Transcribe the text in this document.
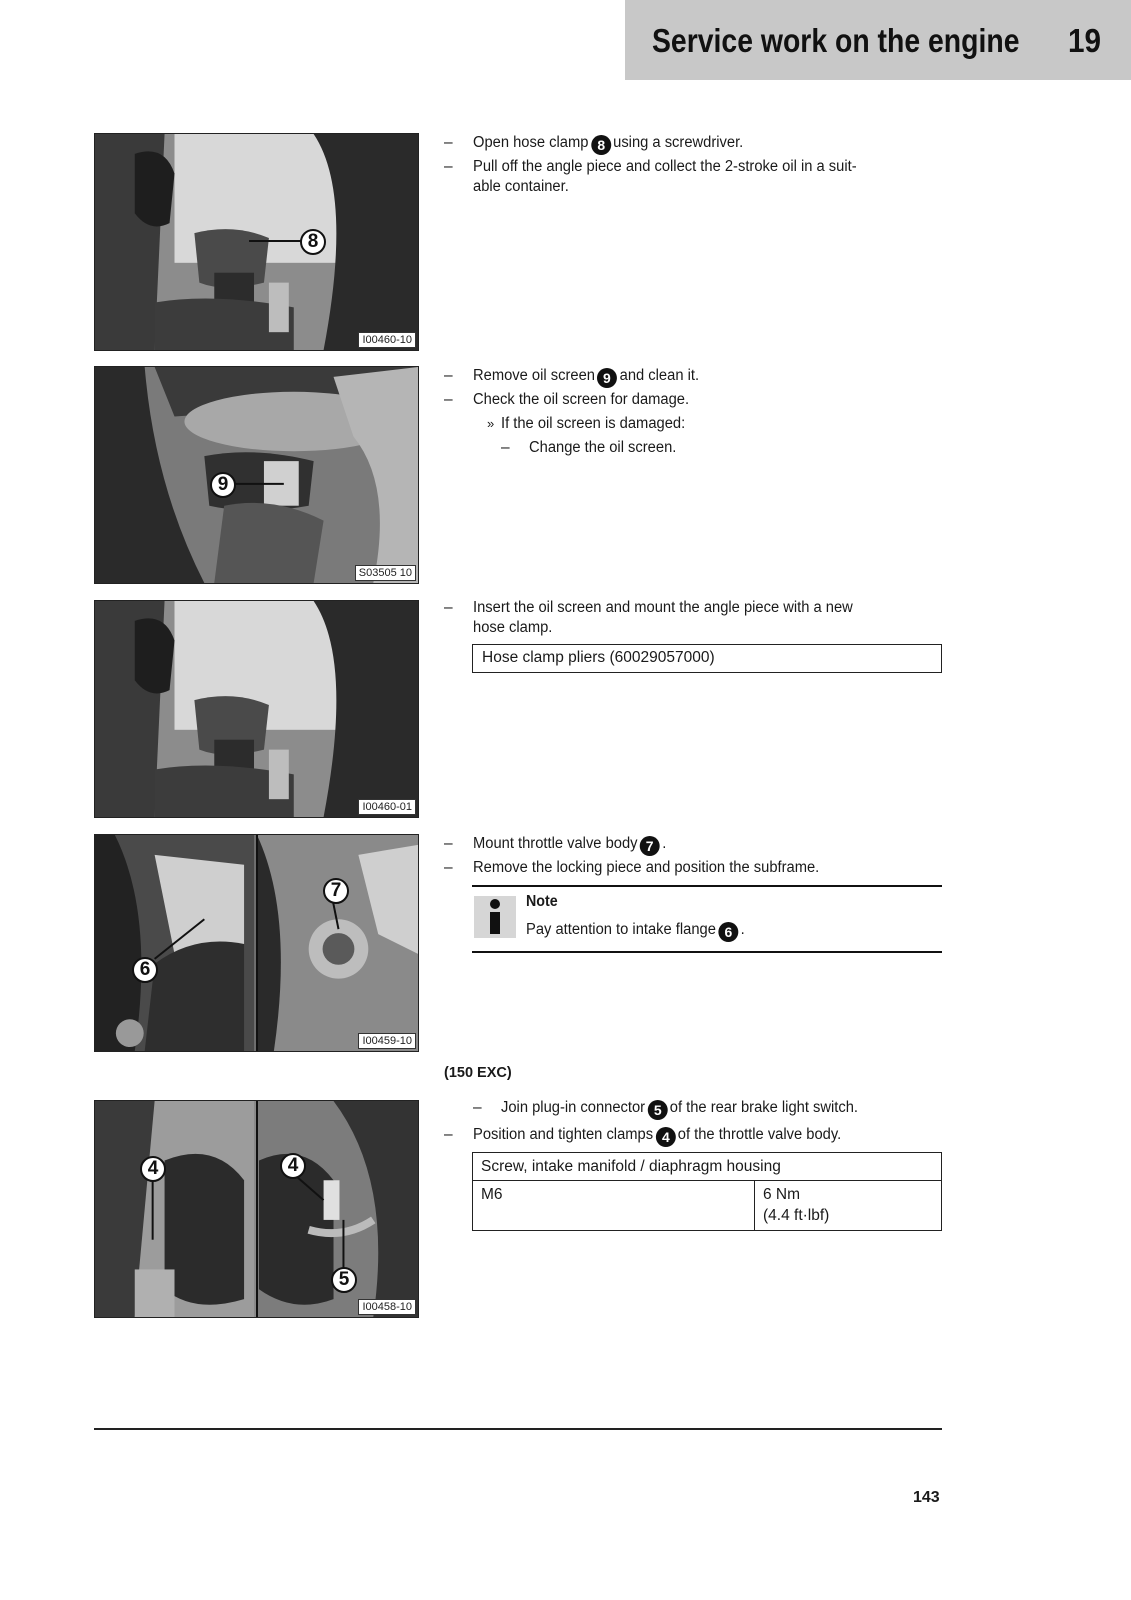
Service work on the engine 19
8
I00460-10
9
S03505 10
I00460-01
7
6
I00459-10
4	4
5
I00458-10
– Open hose clamp 8 using a screwdriver.
– Pull off the angle piece and collect the 2-stroke oil in a suit-
able container.
– Remove oil screen 9 and clean it.
– Check the oil screen for damage.
» If the oil screen is damaged:
– Change the oil screen.
– Insert the oil screen and mount the angle piece with a new
hose clamp.
Hose clamp pliers (60029057000)
– Mount throttle valve body 7 .
– Remove the locking piece and position the subframe.
Note
Pay attention to intake flange 6 .
(150 EXC)
– Join plug-in connector 5 of the rear brake light switch.
– Position and tighten clamps 4 of the throttle valve body.
Screw, intake manifold / diaphragm housing
M6	6 Nm
(4.4 ft·lbf)
143
